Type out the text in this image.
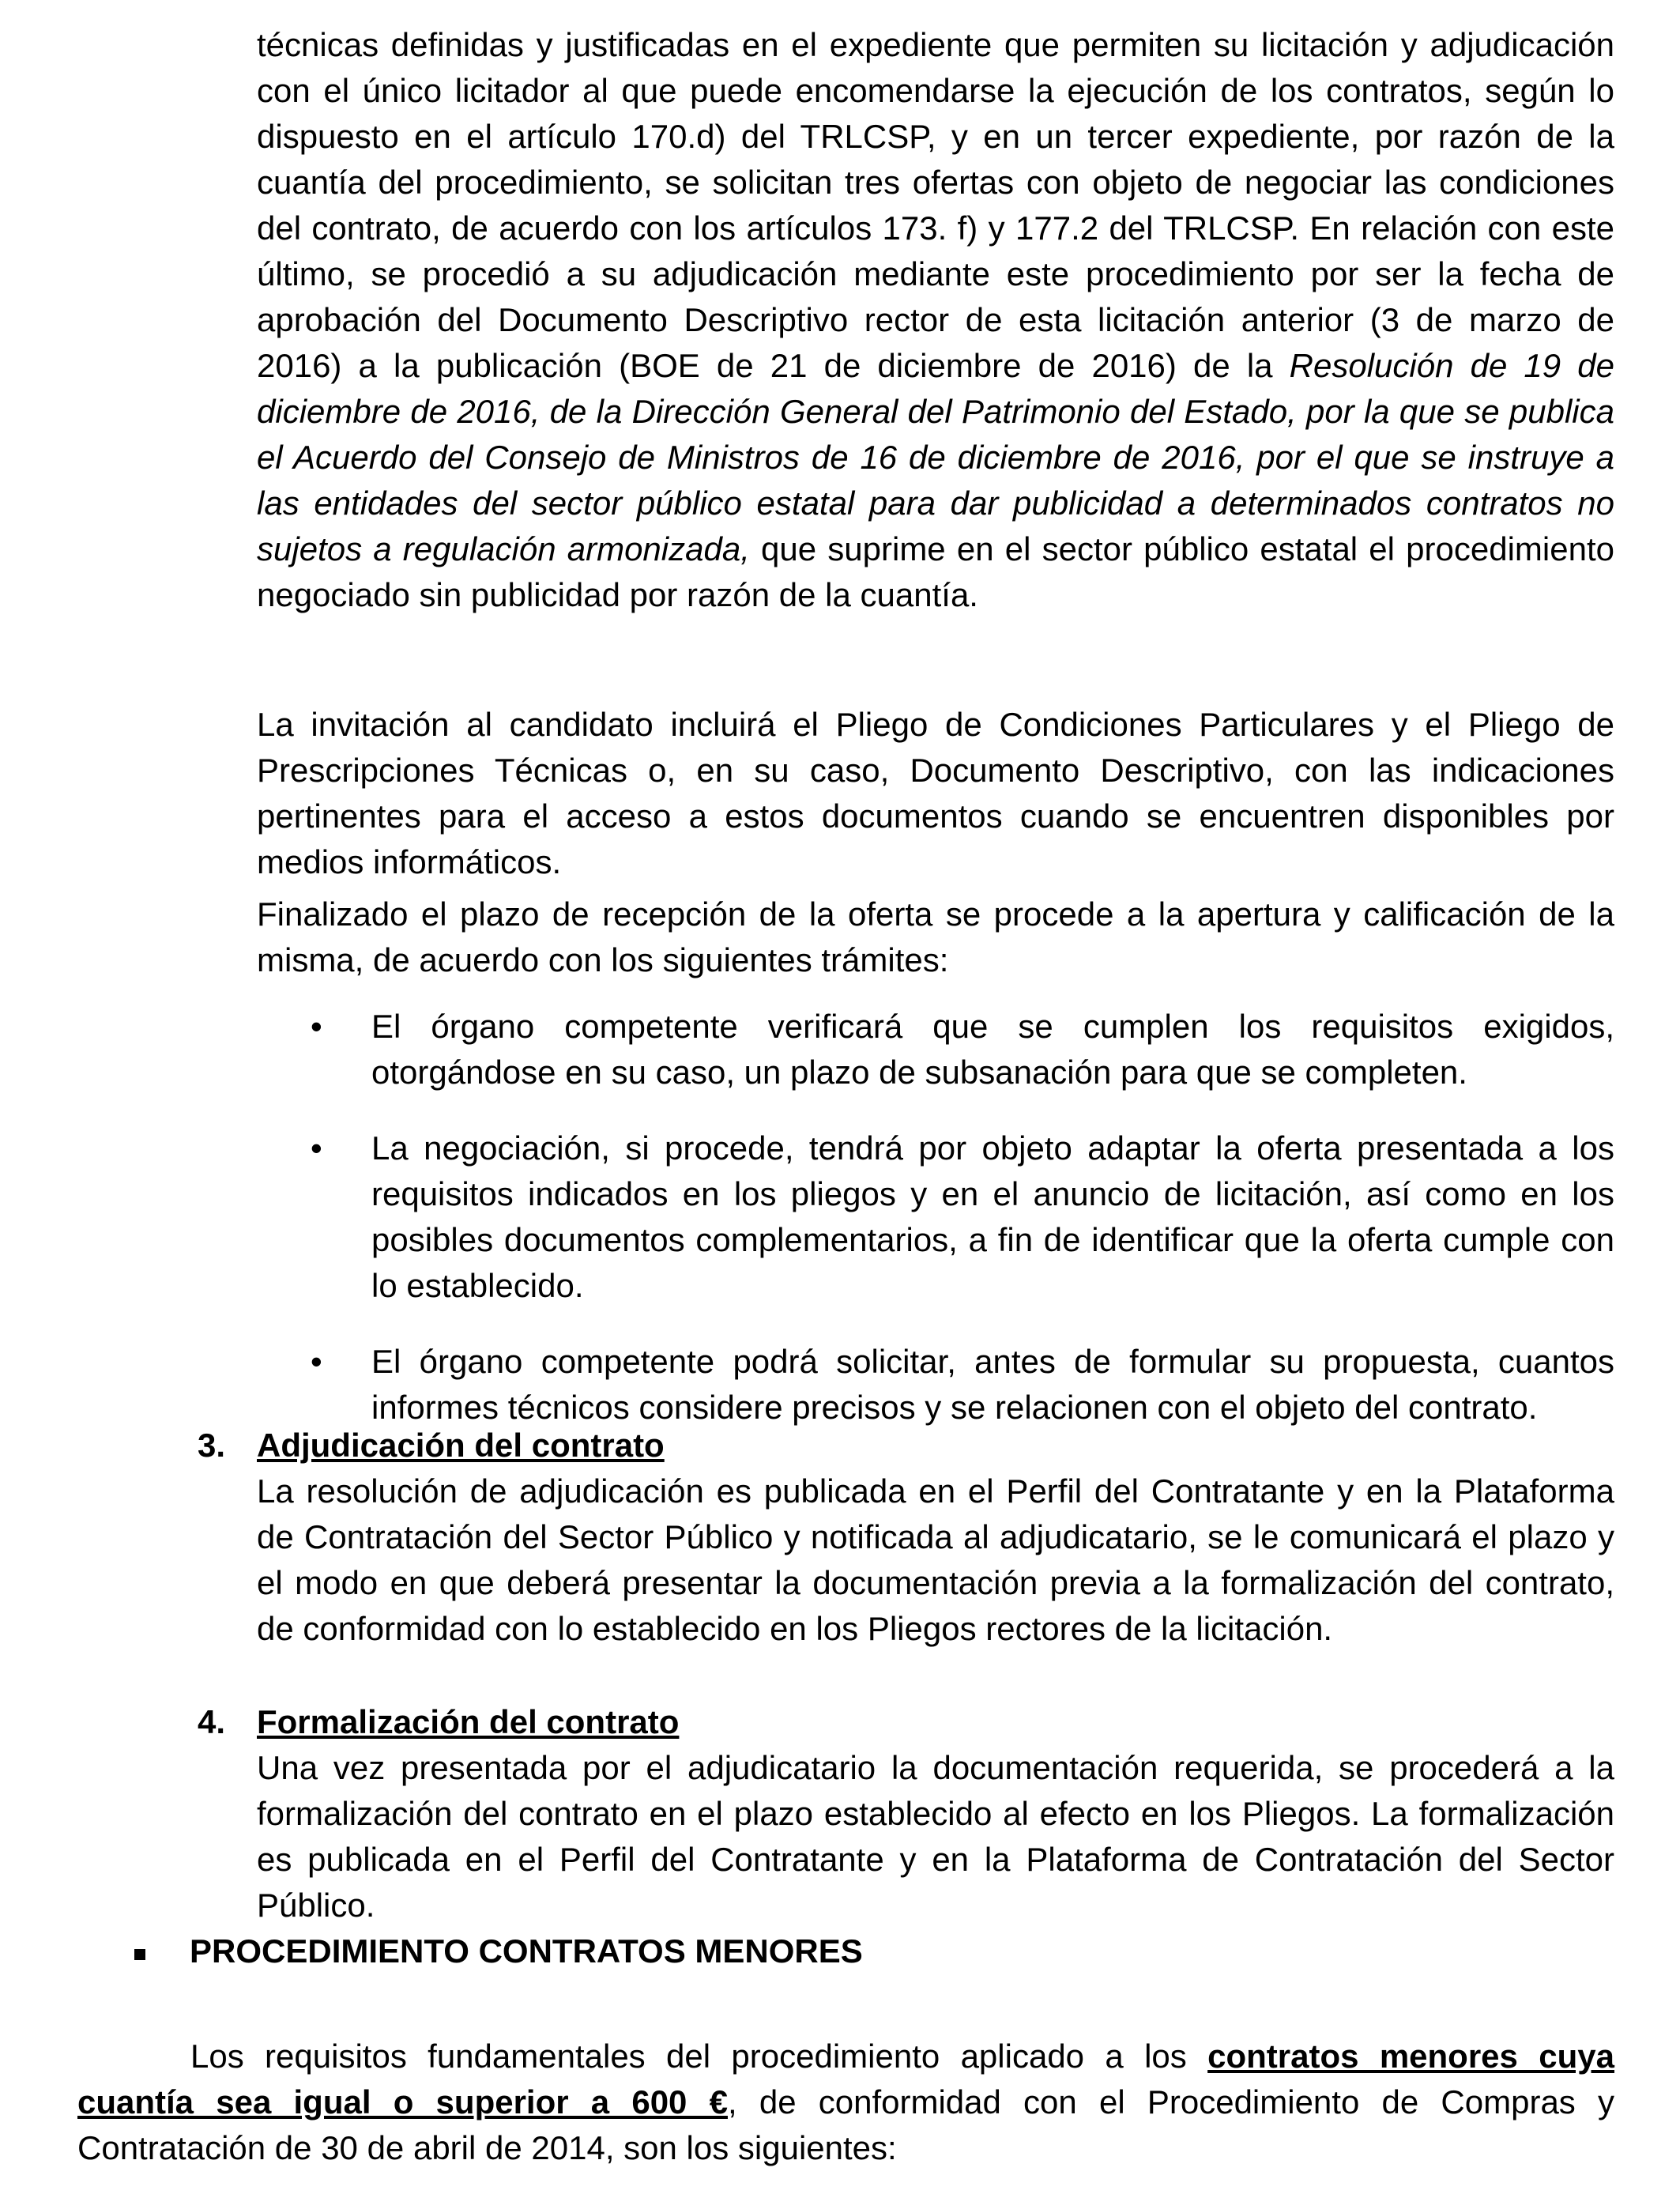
técnicas definidas y justificadas en el expediente que permiten su licitación y adjudicación con el único licitador al que puede encomendarse la ejecución de los contratos, según lo dispuesto en el artículo 170.d) del TRLCSP, y en un tercer expediente, por razón de la cuantía del procedimiento, se solicitan tres ofertas con objeto de negociar las condiciones del contrato, de acuerdo con los artículos 173. f) y 177.2 del TRLCSP. En relación con este último, se procedió a su adjudicación mediante este procedimiento por ser la fecha de aprobación del Documento Descriptivo rector de esta licitación anterior (3 de marzo de 2016) a la publicación (BOE de 21 de diciembre de 2016) de la Resolución de 19 de diciembre de 2016, de la Dirección General del Patrimonio del Estado, por la que se publica el Acuerdo del Consejo de Ministros de 16 de diciembre de 2016, por el que se instruye a las entidades del sector público estatal para dar publicidad a determinados contratos no sujetos a regulación armonizada, que suprime en el sector público estatal el procedimiento negociado sin publicidad por razón de la cuantía.

La invitación al candidato incluirá el Pliego de Condiciones Particulares y el Pliego de Prescripciones Técnicas o, en su caso, Documento Descriptivo, con las indicaciones pertinentes para el acceso a estos documentos cuando se encuentren disponibles por medios informáticos.

Finalizado el plazo de recepción de la oferta se procede a la apertura y calificación de la misma, de acuerdo con los siguientes trámites:

• El órgano competente verificará que se cumplen los requisitos exigidos, otorgándose en su caso, un plazo de subsanación para que se completen.
• La negociación, si procede, tendrá por objeto adaptar la oferta presentada a los requisitos indicados en los pliegos y en el anuncio de licitación, así como en los posibles documentos complementarios, a fin de identificar que la oferta cumple con lo establecido.
• El órgano competente podrá solicitar, antes de formular su propuesta, cuantos informes técnicos considere precisos y se relacionen con el objeto del contrato.
3. Adjudicación del contrato
La resolución de adjudicación es publicada en el Perfil del Contratante y en la Plataforma de Contratación del Sector Público y notificada al adjudicatario, se le comunicará el plazo y el modo en que deberá presentar la documentación previa a la formalización del contrato, de conformidad con lo establecido en los Pliegos rectores de la licitación.
4. Formalización del contrato
Una vez presentada por el adjudicatario la documentación requerida, se procederá a la formalización del contrato en el plazo establecido al efecto en los Pliegos. La formalización es publicada en el Perfil del Contratante y en la Plataforma de Contratación del Sector Público.
PROCEDIMIENTO CONTRATOS MENORES

Los requisitos fundamentales del procedimiento aplicado a los contratos menores cuya cuantía sea igual o superior a 600 €, de conformidad con el Procedimiento de Compras y Contratación de 30 de abril de 2014, son los siguientes:
